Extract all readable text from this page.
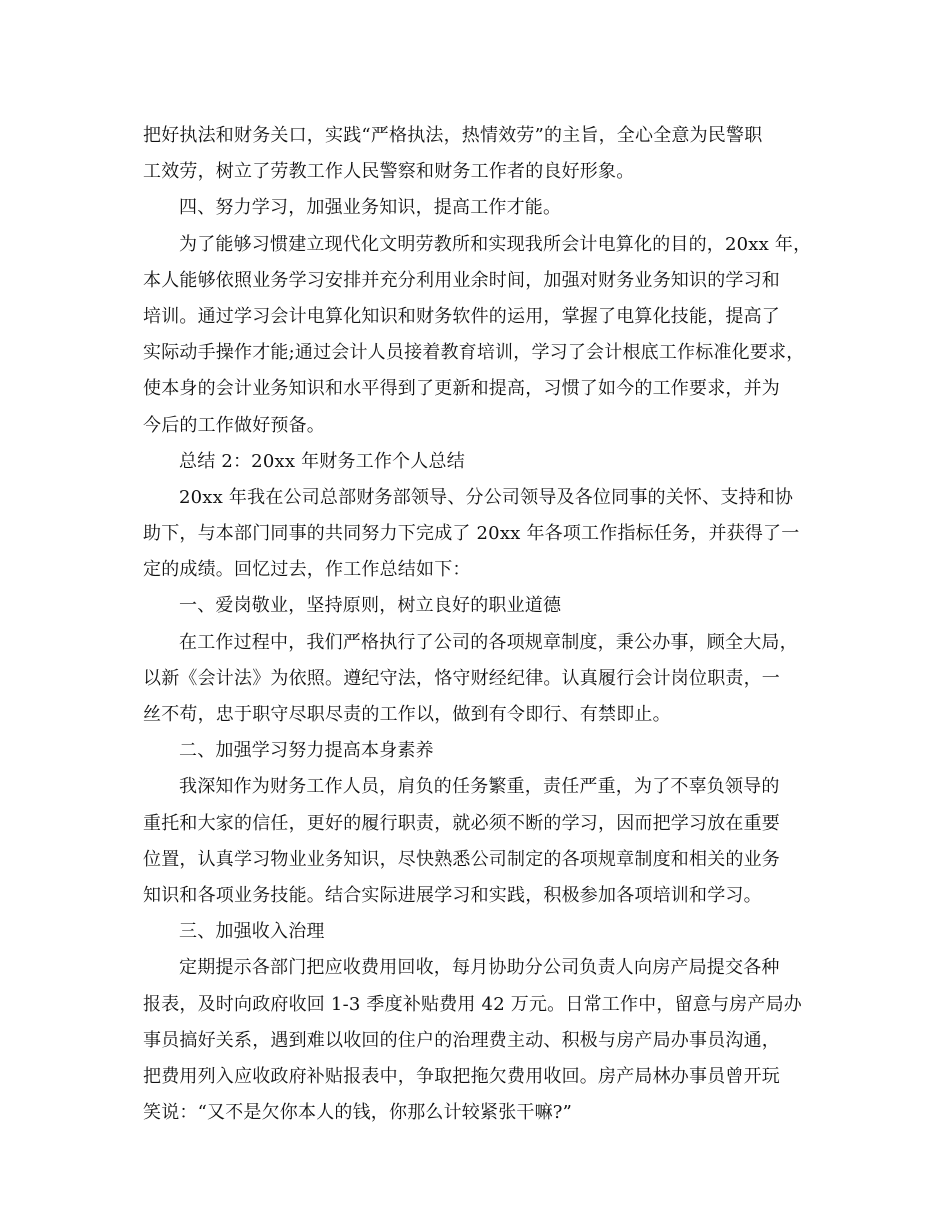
把好执法和财务关口，实践“严格执法，热情效劳”的主旨，全心全意为民警职
工效劳，树立了劳教工作人民警察和财务工作者的良好形象。
四、努力学习，加强业务知识，提高工作才能。
为了能够习惯建立现代化文明劳教所和实现我所会计电算化的目的，20xx 年，
本人能够依照业务学习安排并充分利用业余时间，加强对财务业务知识的学习和
培训。通过学习会计电算化知识和财务软件的运用，掌握了电算化技能，提高了
实际动手操作才能;通过会计人员接着教育培训，学习了会计根底工作标准化要求，
使本身的会计业务知识和水平得到了更新和提高，习惯了如今的工作要求，并为
今后的工作做好预备。
总结 2：20xx 年财务工作个人总结
20xx 年我在公司总部财务部领导、分公司领导及各位同事的关怀、支持和协
助下，与本部门同事的共同努力下完成了 20xx 年各项工作指标任务，并获得了一
定的成绩。回忆过去，作工作总结如下：
一、爱岗敬业，坚持原则，树立良好的职业道德
在工作过程中，我们严格执行了公司的各项规章制度，秉公办事，顾全大局，
以新《会计法》为依照。遵纪守法，恪守财经纪律。认真履行会计岗位职责，一
丝不苟，忠于职守尽职尽责的工作以，做到有令即行、有禁即止。
二、加强学习努力提高本身素养
我深知作为财务工作人员，肩负的任务繁重，责任严重，为了不辜负领导的
重托和大家的信任，更好的履行职责，就必须不断的学习，因而把学习放在重要
位置，认真学习物业业务知识，尽快熟悉公司制定的各项规章制度和相关的业务
知识和各项业务技能。结合实际进展学习和实践，积极参加各项培训和学习。
三、加强收入治理
定期提示各部门把应收费用回收，每月协助分公司负责人向房产局提交各种
报表，及时向政府收回 1-3 季度补贴费用 42 万元。日常工作中，留意与房产局办
事员搞好关系，遇到难以收回的住户的治理费主动、积极与房产局办事员沟通，
把费用列入应收政府补贴报表中，争取把拖欠费用收回。房产局林办事员曾开玩
笑说：“又不是欠你本人的钱，你那么计较紧张干嘛?”
